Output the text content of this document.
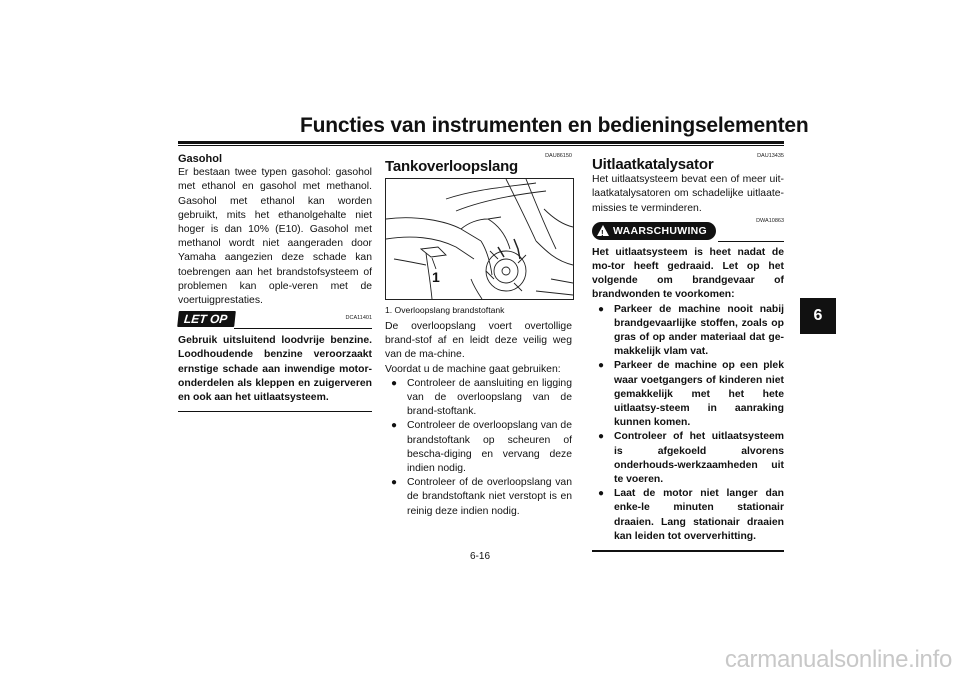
Functies van instrumenten en bedieningselementen
6
Gasohol

Er bestaan twee typen gasohol: gasohol met ethanol en gasohol met methanol. Gasohol met ethanol kan worden gebruikt, mits het ethanolgehalte niet hoger is dan 10% (E10). Gasohol met methanol wordt niet aangeraden door Yamaha aangezien deze schade kan toebrengen aan het brandstofsysteem of problemen kan ople-veren met de voertuigprestaties.

LET OP	DCA11401

Gebruik uitsluitend loodvrije benzine. Loodhoudende benzine veroorzaakt ernstige schade aan inwendige motor-onderdelen als kleppen en zuigerveren en ook aan het uitlaatsysteem.

DAU86150
Tankoverloopslang
1
1. Overloopslang brandstoftank

De overloopslang voert overtollige brand-stof af en leidt deze veilig weg van de ma-chine.

Voordat u de machine gaat gebruiken:

● Controleer de aansluiting en ligging van de overloopslang van de brand-stoftank.
● Controleer de overloopslang van de brandstoftank op scheuren of bescha-diging en vervang deze indien nodig.
● Controleer of de overloopslang van de brandstoftank niet verstopt is en reinig deze indien nodig.
DAU13435
Uitlaatkatalysator

Het uitlaatsysteem bevat een of meer uit-laatkatalysatoren om schadelijke uitlaate-missies te verminderen.

! WAARSCHUWING
DWA10863

Het uitlaatsysteem is heet nadat de mo-tor heeft gedraaid. Let op het volgende om brandgevaar of brandwonden te voorkomen:

● Parkeer de machine nooit nabij brandgevaarlijke stoffen, zoals op gras of op ander materiaal dat ge-makkelijk vlam vat.
● Parkeer de machine op een plek waar voetgangers of kinderen niet gemakkelijk met het hete uitlaatsy-steem in aanraking kunnen komen.
● Controleer of het uitlaatsysteem is afgekoeld alvorens onderhouds-werkzaamheden uit te voeren.
● Laat de motor niet langer dan enke-le minuten stationair draaien. Lang stationair draaien kan leiden tot oververhitting.
6-16
carmanualsonline.info
